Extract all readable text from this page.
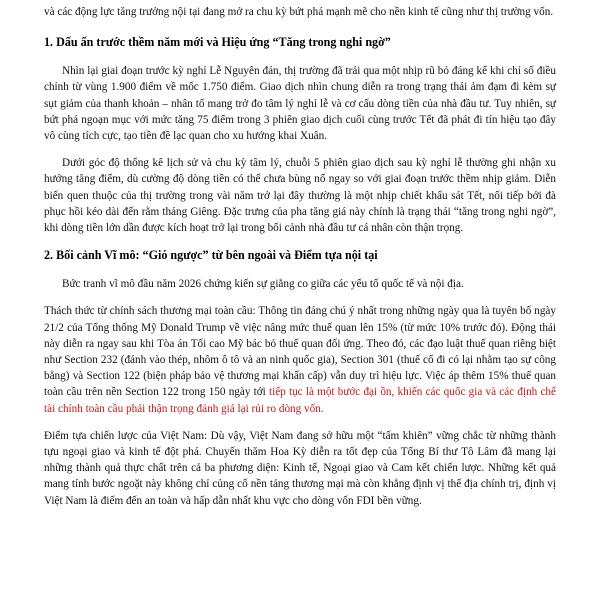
và các động lực tăng trưởng nội tại đang mở ra chu kỳ bứt phá mạnh mẽ cho nền kinh tế cũng như thị trường vốn.

1. Dấu ấn trước thềm năm mới và Hiệu ứng “Tăng trong nghi ngờ”

Nhìn lại giai đoạn trước kỳ nghỉ Lễ Nguyên đán, thị trường đã trải qua một nhịp rũ bỏ đáng kể khi chỉ số điều chỉnh từ vùng 1.900 điểm về mốc 1.750 điểm. Giao dịch nhìn chung diễn ra trong trạng thái ảm đạm đi kèm sự sụt giảm của thanh khoản – nhân tố mang trở đo tâm lý nghỉ lễ và cơ cấu dòng tiền của nhà đầu tư. Tuy nhiên, sự bứt phá ngoạn mục với mức tăng 75 điểm trong 3 phiên giao dịch cuối cùng trước Tết đã phát đi tín hiệu tạo đây vô cùng tích cực, tạo tiền đề lạc quan cho xu hướng khai Xuân.

Dưới góc độ thống kê lịch sử và chu kỳ tâm lý, chuỗi 5 phiên giao dịch sau kỳ nghỉ lễ thường ghi nhận xu hướng tăng điểm, dù cường độ dòng tiền có thể chưa bùng nổ ngay so với giai đoạn trước thềm nhịp giảm. Diễn biến quen thuộc của thị trường trong vài năm trở lại đây thường là một nhịp chiết khấu sát Tết, nối tiếp bởi đà phục hồi kéo dài đến rằm tháng Giêng. Đặc trưng của pha tăng giá này chính là trạng thái “tăng trong nghi ngờ”, khi dòng tiền lớn dần được kích hoạt trở lại trong bối cảnh nhà đầu tư cá nhân còn thận trọng.

2. Bối cảnh Vĩ mô: “Gió ngược” từ bên ngoài và Điểm tựa nội tại

Bức tranh vĩ mô đầu năm 2026 chứng kiến sự giằng co giữa các yếu tố quốc tế và nội địa.

Thách thức từ chính sách thương mại toàn cầu: Thông tin đáng chú ý nhất trong những ngày qua là tuyên bố ngày 21/2 của Tổng thống Mỹ Donald Trump về việc nâng mức thuế quan lên 15% (từ mức 10% trước đó). Động thái này diễn ra ngay sau khi Tòa án Tối cao Mỹ bác bỏ thuế quan đối ứng. Theo đó, các đạo luật thuế quan riêng biệt như Section 232 (đánh vào thép, nhôm ô tô và an ninh quốc gia), Section 301 (thuế cố đi có lại nhằm tạo sự công bằng) và Section 122 (biện pháp bảo vệ thương mại khẩn cấp) vẫn duy trì hiệu lực. Việc áp thêm 15% thuế quan toàn cầu trên nền Section 122 trong 150 ngày tới tiếp tục là một bước đại ồn, khiến các quốc gia và các định chế tài chính toàn cầu phải thận trọng đánh giá lại rủi ro dòng vốn.

Điểm tựa chiến lược của Việt Nam: Dù vậy, Việt Nam đang sở hữu một “tấm khiên” vững chắc từ những thành tựu ngoại giao và kinh tế đột phá. Chuyến thăm Hoa Kỳ diễn ra tốt đẹp của Tổng Bí thư Tô Lâm đã mang lại những thành quả thực chất trên cả ba phương diện: Kinh tế, Ngoại giao và Cam kết chiến lược. Những kết quả mang tính bước ngoặt này không chỉ củng cố nền tảng thương mại mà còn khẳng định vị thế địa chính trị, định vị Việt Nam là điểm đến an toàn và hấp dẫn nhất khu vực cho dòng vốn FDI bền vững.
